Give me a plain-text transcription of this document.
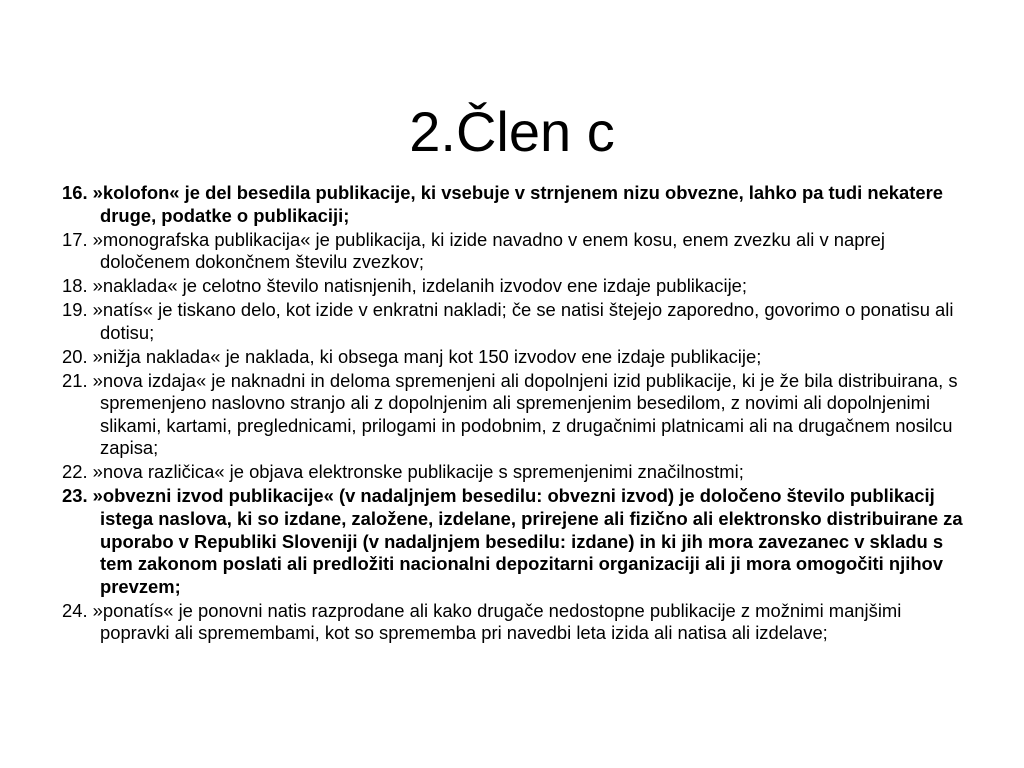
2.Člen c

16. »kolofon« je del besedila publikacije, ki vsebuje v strnjenem nizu obvezne, lahko pa tudi nekatere druge, podatke o publikaciji;

17. »monografska publikacija« je publikacija, ki izide navadno v enem kosu, enem zvezku ali v naprej določenem dokončnem številu zvezkov;

18. »naklada« je celotno število natisnjenih, izdelanih izvodov ene izdaje publikacije;

19. »natís« je tiskano delo, kot izide v enkratni nakladi; če se natisi štejejo zaporedno, govorimo o ponatisu ali dotisu;

20. »nižja naklada« je naklada, ki obsega manj kot 150 izvodov ene izdaje publikacije;

21. »nova izdaja« je naknadni in deloma spremenjeni ali dopolnjeni izid publikacije, ki je že bila distribuirana, s spremenjeno naslovno stranjo ali z dopolnjenim ali spremenjenim besedilom, z novimi ali dopolnjenimi slikami, kartami, preglednicami, prilogami in podobnim, z drugačnimi platnicami ali na drugačnem nosilcu zapisa;

22. »nova različica« je objava elektronske publikacije s spremenjenimi značilnostmi;

23. »obvezni izvod publikacije« (v nadaljnjem besedilu: obvezni izvod) je določeno število publikacij istega naslova, ki so izdane, založene, izdelane, prirejene ali fizično ali elektronsko distribuirane za uporabo v Republiki Sloveniji (v nadaljnjem besedilu: izdane) in ki jih mora zavezanec v skladu s tem zakonom poslati ali predložiti nacionalni depozitarni organizaciji ali ji mora omogočiti njihov prevzem;

24. »ponatís« je ponovni natis razprodane ali kako drugače nedostopne publikacije z možnimi manjšimi popravki ali spremembami, kot so sprememba pri navedbi leta izida ali natisa ali izdelave;
